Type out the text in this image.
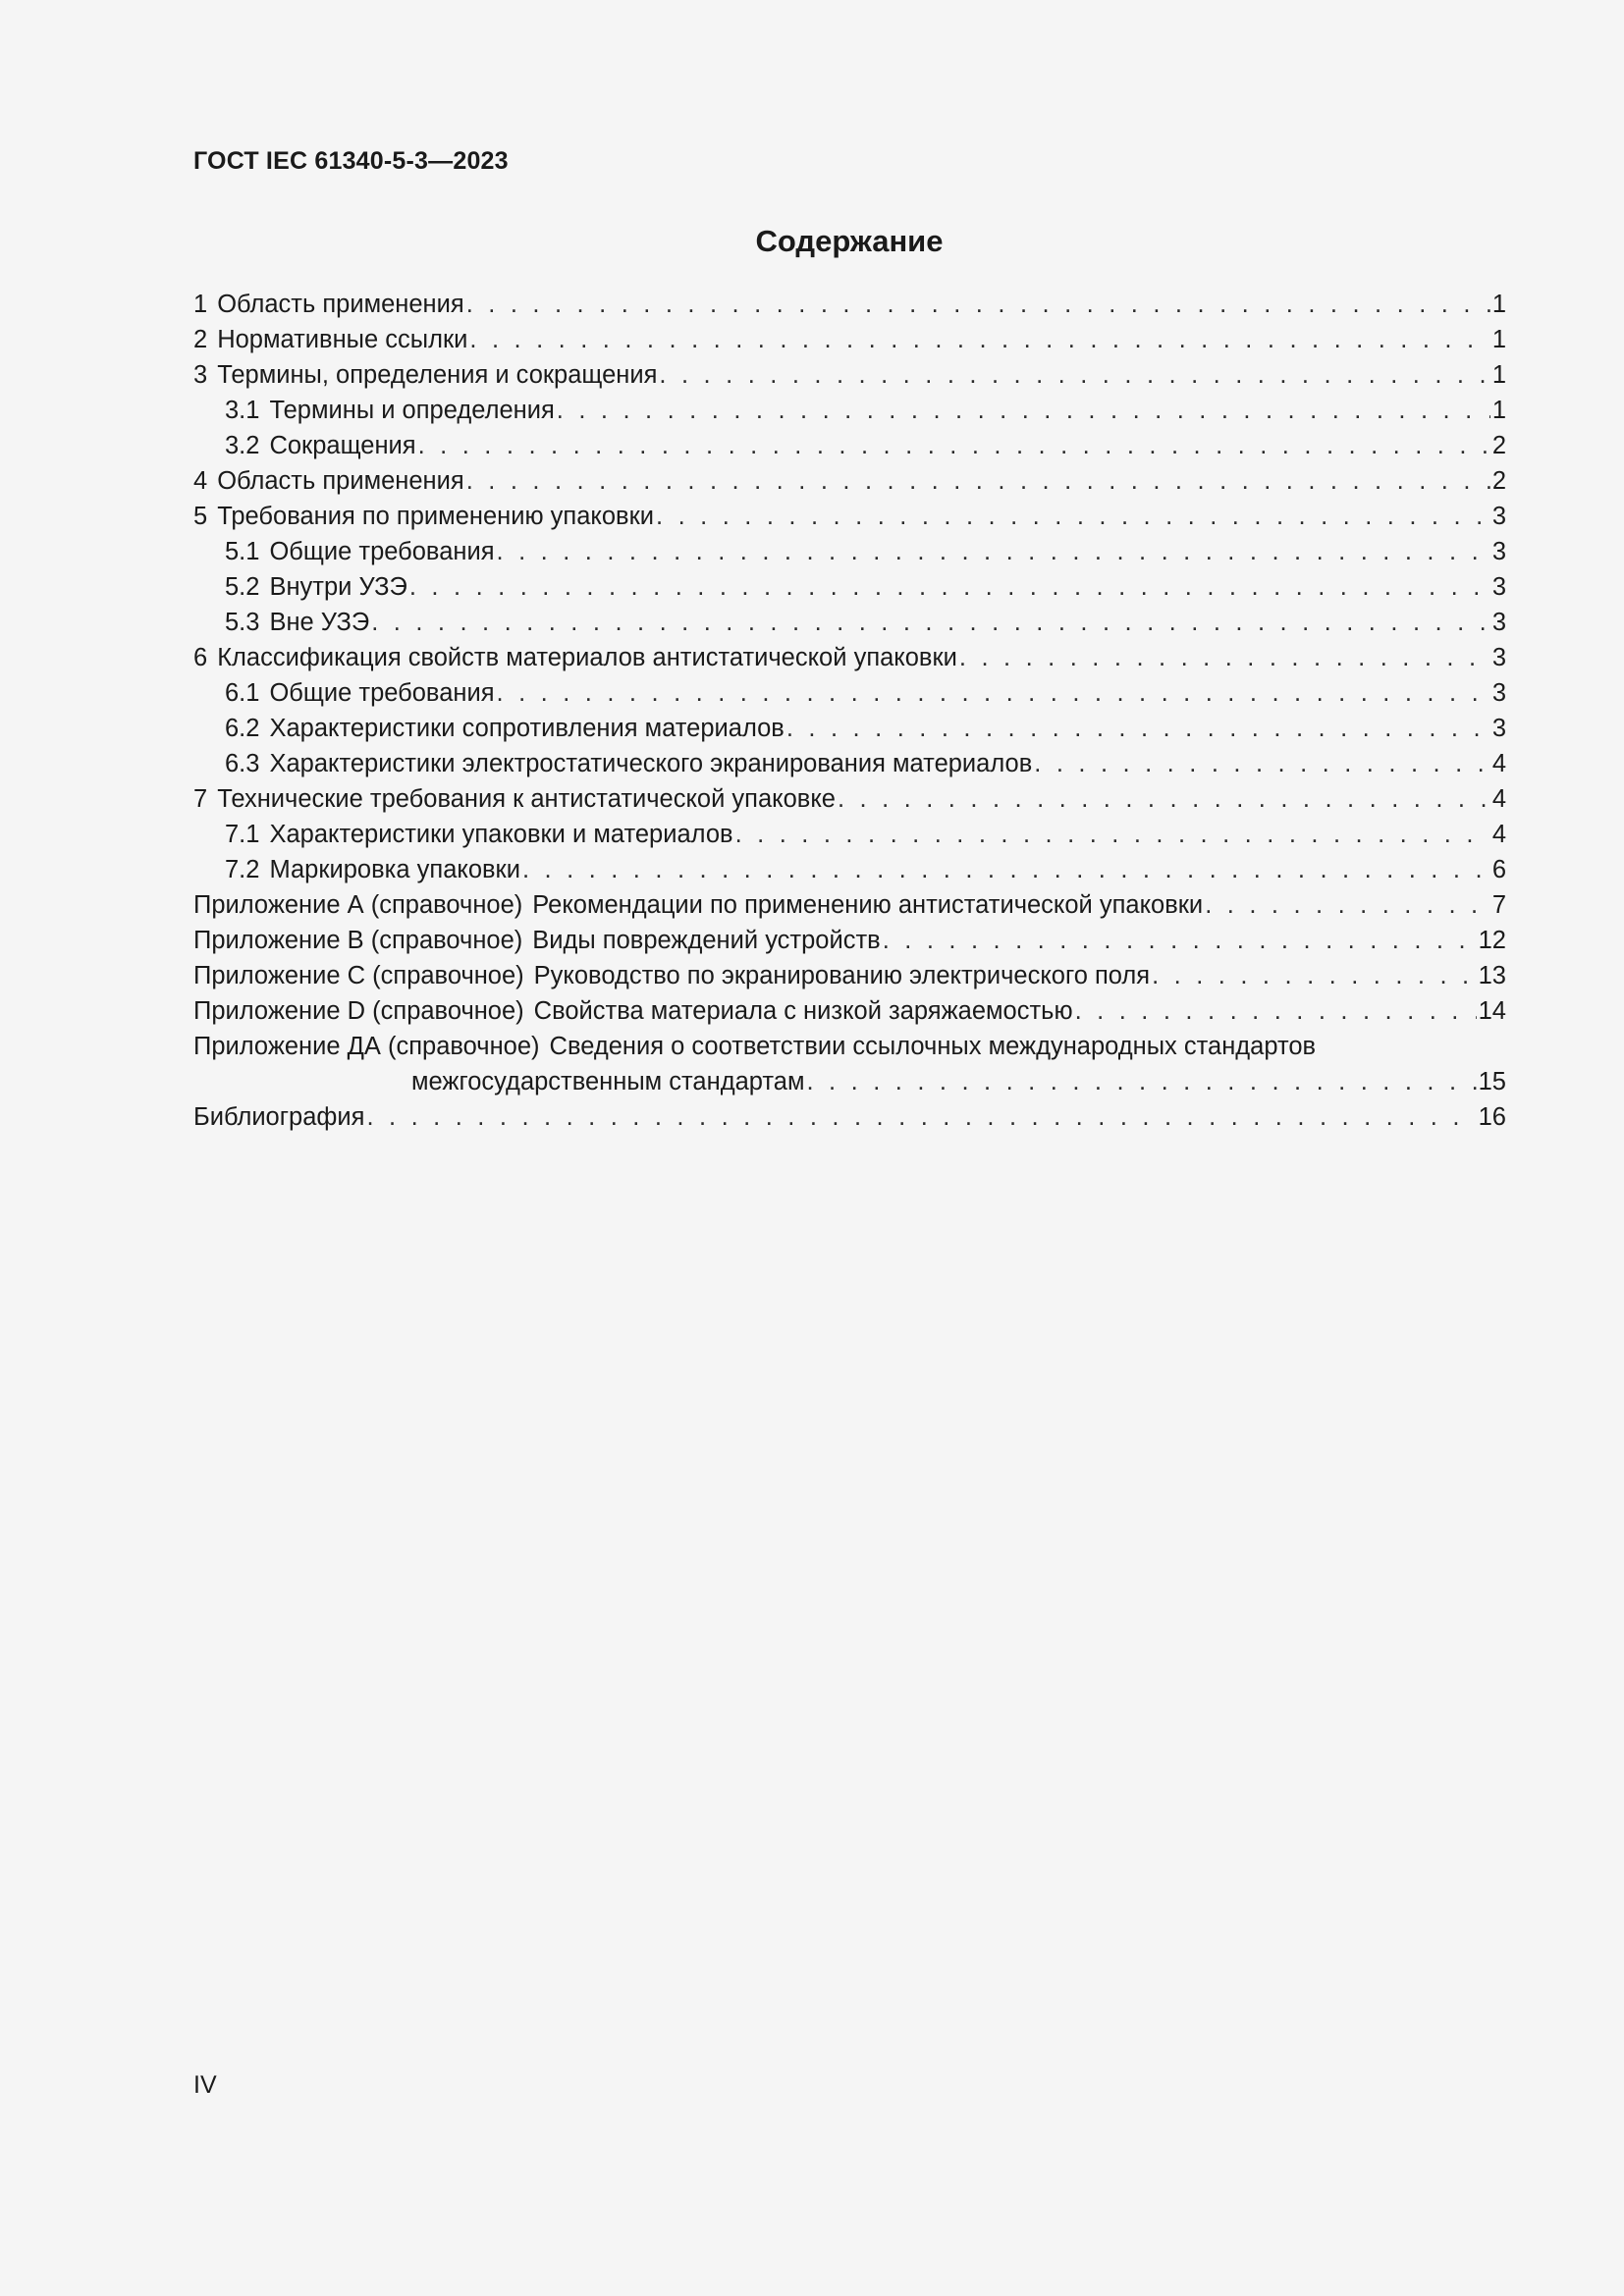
ГОСТ IEC 61340-5-3—2023
Содержание
1 Область применения . . .	1
2 Нормативные ссылки . . .	1
3 Термины, определения и сокращения . . .	1
3.1 Термины и определения . . .	1
3.2 Сокращения . . .	2
4 Область применения . . .	2
5 Требования по применению упаковки . . .	3
5.1 Общие требования . . .	3
5.2 Внутри УЗЭ . . .	3
5.3 Вне УЗЭ . . .	3
6 Классификация свойств материалов антистатической упаковки . . .	3
6.1 Общие требования . . .	3
6.2 Характеристики сопротивления материалов . . .	3
6.3 Характеристики электростатического экранирования материалов . . .	4
7 Технические требования к антистатической упаковке . . .	4
7.1 Характеристики упаковки и материалов . . .	4
7.2 Маркировка упаковки . . .	6
Приложение А (справочное) Рекомендации по применению антистатической упаковки . . .	7
Приложение В (справочное) Виды повреждений устройств . . .	12
Приложение С (справочное) Руководство по экранированию электрического поля . . .	13
Приложение D (справочное) Свойства материала с низкой заряжаемостью . . .	14
Приложение ДА (справочное) Сведения о соответствии ссылочных международных стандартов
межгосударственным стандартам . . .	15
Библиография . . .	16
IV
